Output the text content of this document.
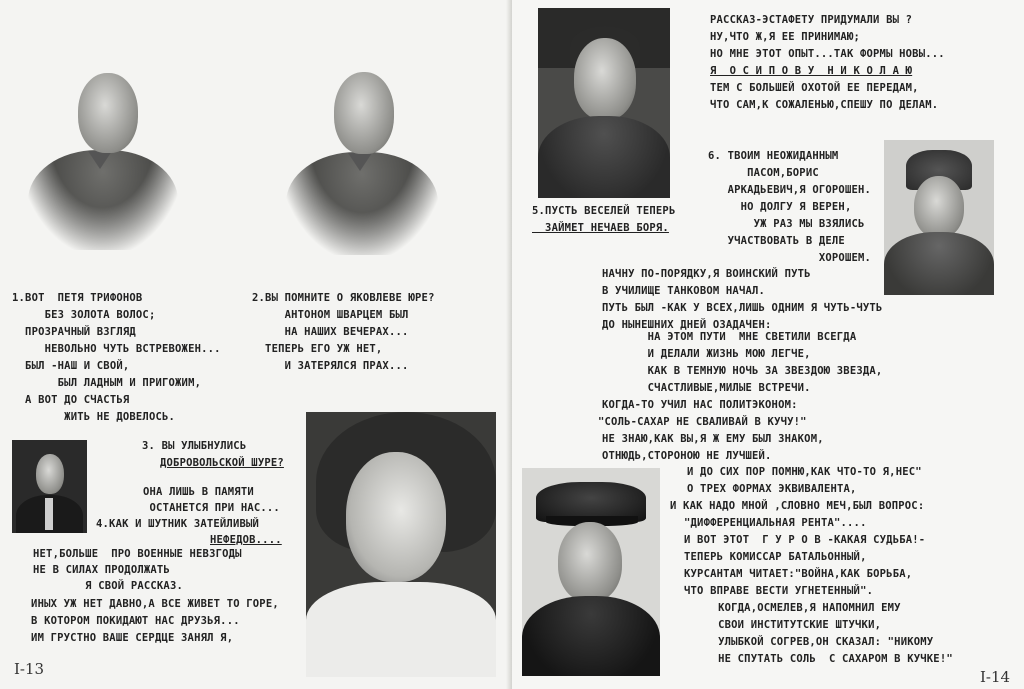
1.ВОТ  ПЕТЯ ТРИФОНОВ
БЕЗ ЗОЛОТА ВОЛОС;
ПРОЗРАЧНЫЙ ВЗГЛЯД
НЕВОЛЬНО ЧУТЬ ВСТРЕВОЖЕН...
БЫЛ -НАШ И СВОЙ,
БЫЛ ЛАДНЫМ И ПРИГОЖИМ,
А ВОТ ДО СЧАСТЬЯ
ЖИТЬ НЕ ДОВЕЛОСЬ.
2.ВЫ ПОМНИТЕ О ЯКОВЛЕВЕ ЮРЕ?
АНТОНОМ ШВАРЦЕМ БЫЛ
НА НАШИХ ВЕЧЕРАХ...
ТЕПЕРЬ ЕГО УЖ НЕТ,
И ЗАТЕРЯЛСЯ ПРАХ...
3. ВЫ УЛЫБНУЛИСЬ
ДОБРОВОЛЬСКОЙ ШУРЕ?
ОНА ЛИШЬ В ПАМЯТИ
ОСТАНЕТСЯ ПРИ НАС...
4.КАК И ШУТНИК ЗАТЕЙЛИВЫЙ
НЕФЕДОВ....
НЕТ,БОЛЬШЕ  ПРО ВОЕННЫЕ НЕВЗГОДЫ
НЕ В СИЛАХ ПРОДОЛЖАТЬ
Я СВОЙ РАССКАЗ.
ИНЫХ УЖ НЕТ ДАВНО,А ВСЕ ЖИВЕТ ТО ГОРЕ,
В КОТОРОМ ПОКИДАЮТ НАС ДРУЗЬЯ...
ИМ ГРУСТНО ВАШЕ СЕРДЦЕ ЗАНЯЛ Я,
I-13
РАССКАЗ-ЭСТАФЕТУ ПРИДУМАЛИ ВЫ ?
НУ,ЧТО Ж,Я ЕЕ ПРИНИМАЮ;
НО МНЕ ЭТОТ ОПЫТ...ТАК ФОРМЫ НОВЫ...
Я  О С И П О В У  Н И К О Л А Ю
ТЕМ С БОЛЬШЕЙ ОХОТОЙ ЕЕ ПЕРЕДАМ,
ЧТО САМ,К СОЖАЛЕНЬЮ,СПЕШУ ПО ДЕЛАМ.
5.ПУСТЬ ВЕСЕЛЕЙ ТЕПЕРЬ
ЗАЙМЕТ НЕЧАЕВ БОРЯ.
6. ТВОИМ НЕОЖИДАННЫМ
ПАСОМ,БОРИС
АРКАДЬЕВИЧ,Я ОГОРОШЕН.
НО ДОЛГУ Я ВЕРЕН,
УЖ РАЗ МЫ ВЗЯЛИСЬ
УЧАСТВОВАТЬ В ДЕЛЕ
ХОРОШЕМ.
НАЧНУ ПО-ПОРЯДКУ,Я ВОИНСКИЙ ПУТЬ
В УЧИЛИЩЕ ТАНКОВОМ НАЧАЛ.
ПУТЬ БЫЛ -КАК У ВСЕХ,ЛИШЬ ОДНИМ Я ЧУТЬ-ЧУТЬ
ДО НЫНЕШНИХ ДНЕЙ ОЗАДАЧЕН:
НА ЭТОМ ПУТИ  МНЕ СВЕТИЛИ ВСЕГДА
И ДЕЛАЛИ ЖИЗНЬ МОЮ ЛЕГЧЕ,
КАК В ТЕМНУЮ НОЧЬ ЗА ЗВЕЗДОЮ ЗВЕЗДА,
СЧАСТЛИВЫЕ,МИЛЫЕ ВСТРЕЧИ.
КОГДА-ТО УЧИЛ НАС ПОЛИТЭКОНОМ:
"СОЛЬ-САХАР НЕ СВАЛИВАЙ В КУЧУ!"
НЕ ЗНАЮ,КАК ВЫ,Я Ж ЕМУ БЫЛ ЗНАКОМ,
ОТНЮДЬ,СТОРОНОЮ НЕ ЛУЧШЕЙ.
И ДО СИХ ПОР ПОМНЮ,КАК ЧТО-ТО Я,НЕС"
О ТРЕХ ФОРМАХ ЭКВИВАЛЕНТА,
И КАК НАДО МНОЙ ,СЛОВНО МЕЧ,БЫЛ ВОПРОС:
"ДИФФЕРЕНЦИАЛЬНАЯ РЕНТА"....
И ВОТ ЭТОТ  Г У Р О В -КАКАЯ СУДЬБА!-
ТЕПЕРЬ КОМИССАР БАТАЛЬОННЫЙ,
КУРСАНТАМ ЧИТАЕТ:"ВОЙНА,КАК БОРЬБА,
ЧТО ВПРАВЕ ВЕСТИ УГНЕТЕННЫЙ".
КОГДА,ОСМЕЛЕВ,Я НАПОМНИЛ ЕМУ
СВОИ ИНСТИТУТСКИЕ ШТУЧКИ,
УЛЫБКОЙ СОГРЕВ,ОН СКАЗАЛ: "НИКОМУ
НЕ СПУТАТЬ СОЛЬ  С САХАРОМ В КУЧКЕ!"
I-14
